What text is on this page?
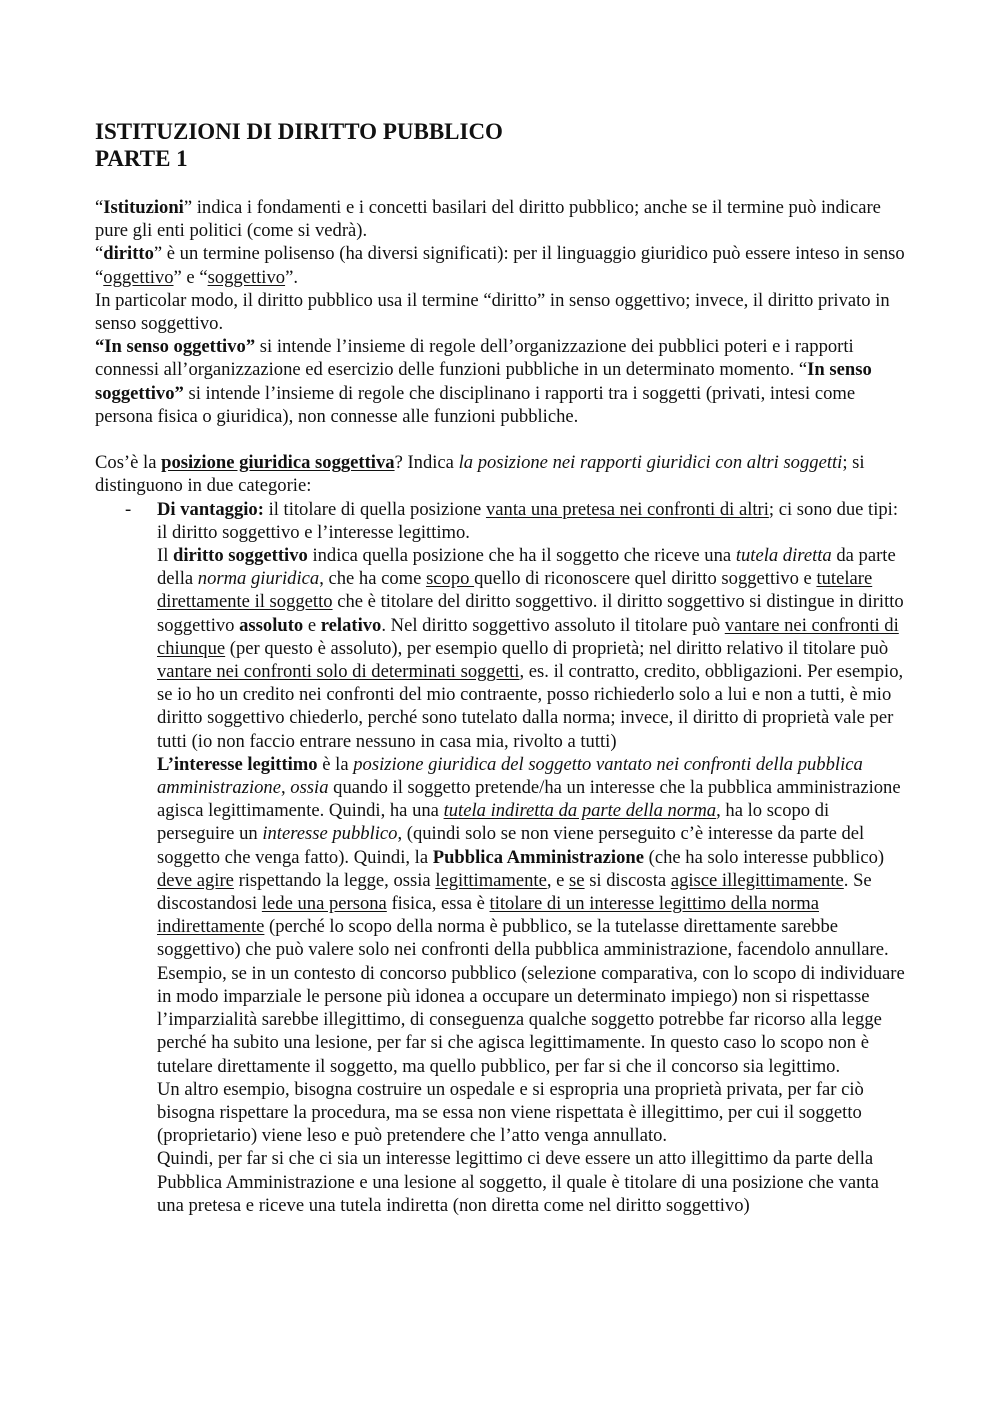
ISTITUZIONI DI DIRITTO PUBBLICO
PARTE 1

“Istituzioni” indica i fondamenti e i concetti basilari del diritto pubblico; anche se il termine può indicare pure gli enti politici (come si vedrà).

“diritto” è un termine polisenso (ha diversi significati): per il linguaggio giuridico può essere inteso in senso “oggettivo” e “soggettivo”.

In particolar modo, il diritto pubblico usa il termine “diritto” in senso oggettivo; invece, il diritto privato in senso soggettivo.

“In senso oggettivo” si intende l’insieme di regole dell’organizzazione dei pubblici poteri e i rapporti connessi all’organizzazione ed esercizio delle funzioni pubbliche in un determinato momento. “In senso soggettivo” si intende l’insieme di regole che disciplinano i rapporti tra i soggetti (privati, intesi come persona fisica o giuridica), non connesse alle funzioni pubbliche.

Cos’è la posizione giuridica soggettiva? Indica la posizione nei rapporti giuridici con altri soggetti; si distinguono in due categorie:

- Di vantaggio: il titolare di quella posizione vanta una pretesa nei confronti di altri; ci sono due tipi: il diritto soggettivo e l’interesse legittimo.
Il diritto soggettivo indica quella posizione che ha il soggetto che riceve una tutela diretta da parte della norma giuridica, che ha come scopo quello di riconoscere quel diritto soggettivo e tutelare direttamente il soggetto che è titolare del diritto soggettivo. il diritto soggettivo si distingue in diritto soggettivo assoluto e relativo. Nel diritto soggettivo assoluto il titolare può vantare nei confronti di chiunque (per questo è assoluto), per esempio quello di proprietà; nel diritto relativo il titolare può vantare nei confronti solo di determinati soggetti, es. il contratto, credito, obbligazioni. Per esempio, se io ho un credito nei confronti del mio contraente, posso richiederlo solo a lui e non a tutti, è mio diritto soggettivo chiederlo, perché sono tutelato dalla norma; invece, il diritto di proprietà vale per tutti (io non faccio entrare nessuno in casa mia, rivolto a tutti)
L’interesse legittimo è la posizione giuridica del soggetto vantato nei confronti della pubblica amministrazione, ossia quando il soggetto pretende/ha un interesse che la pubblica amministrazione agisca legittimamente. Quindi, ha una tutela indiretta da parte della norma, ha lo scopo di perseguire un interesse pubblico, (quindi solo se non viene perseguito c’è interesse da parte del soggetto che venga fatto). Quindi, la Pubblica Amministrazione (che ha solo interesse pubblico) deve agire rispettando la legge, ossia legittimamente, e se si discosta agisce illegittimamente. Se discostandosi lede una persona fisica, essa è titolare di un interesse legittimo della norma indirettamente (perché lo scopo della norma è pubblico, se la tutelasse direttamente sarebbe soggettivo) che può valere solo nei confronti della pubblica amministrazione, facendolo annullare.
Esempio, se in un contesto di concorso pubblico (selezione comparativa, con lo scopo di individuare in modo imparziale le persone più idonea a occupare un determinato impiego) non si rispettasse l’imparzialità sarebbe illegittimo, di conseguenza qualche soggetto potrebbe far ricorso alla legge perché ha subito una lesione, per far si che agisca legittimamente. In questo caso lo scopo non è tutelare direttamente il soggetto, ma quello pubblico, per far si che il concorso sia legittimo.
Un altro esempio, bisogna costruire un ospedale e si espropria una proprietà privata, per far ciò bisogna rispettare la procedura, ma se essa non viene rispettata è illegittimo, per cui il soggetto (proprietario) viene leso e può pretendere che l’atto venga annullato.
Quindi, per far si che ci sia un interesse legittimo ci deve essere un atto illegittimo da parte della Pubblica Amministrazione e una lesione al soggetto, il quale è titolare di una posizione che vanta una pretesa e riceve una tutela indiretta (non diretta come nel diritto soggettivo)
